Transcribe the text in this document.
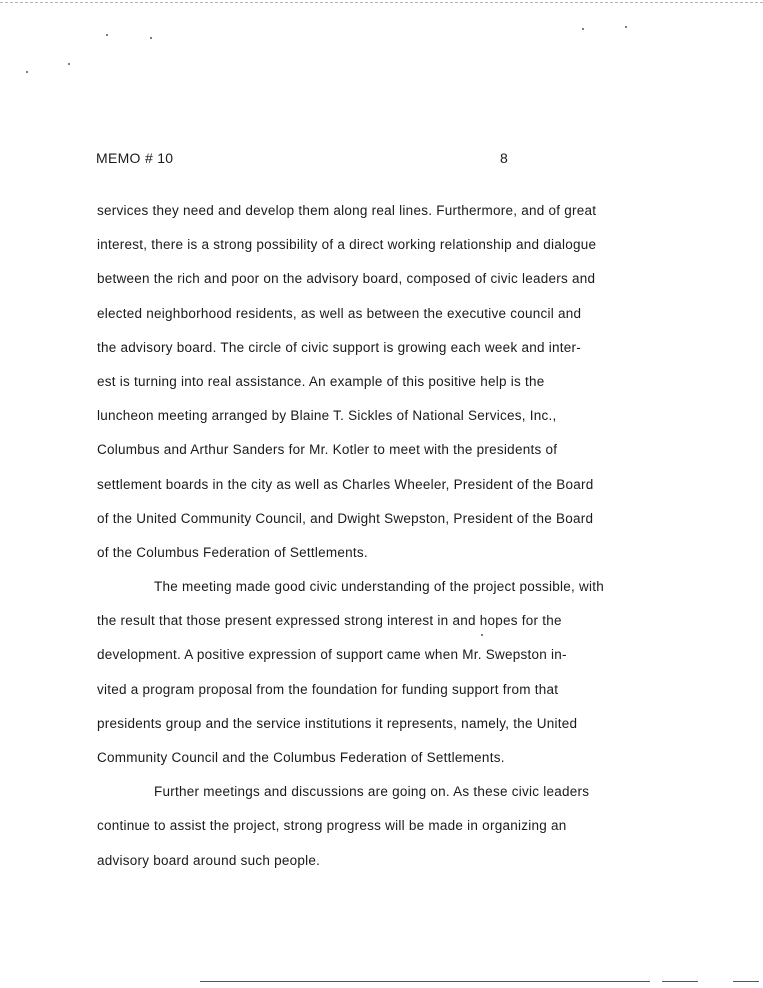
MEMO # 10	8
services they need and develop them along real lines. Furthermore, and of great
interest, there is a strong possibility of a direct working relationship and dialogue
between the rich and poor on the advisory board, composed of civic leaders and
elected neighborhood residents, as well as between the executive council and
the advisory board. The circle of civic support is growing each week and inter-
est is turning into real assistance. An example of this positive help is the
luncheon meeting arranged by Blaine T. Sickles of National Services, Inc.,
Columbus and Arthur Sanders for Mr. Kotler to meet with the presidents of
settlement boards in the city as well as Charles Wheeler, President of the Board
of the United Community Council, and Dwight Swepston, President of the Board
of the Columbus Federation of Settlements.
The meeting made good civic understanding of the project possible, with
the result that those present expressed strong interest in and hopes for the
development. A positive expression of support came when Mr. Swepston in-
vited a program proposal from the foundation for funding support from that
presidents group and the service institutions it represents, namely, the United
Community Council and the Columbus Federation of Settlements.
Further meetings and discussions are going on. As these civic leaders
continue to assist the project, strong progress will be made in organizing an
advisory board around such people.
